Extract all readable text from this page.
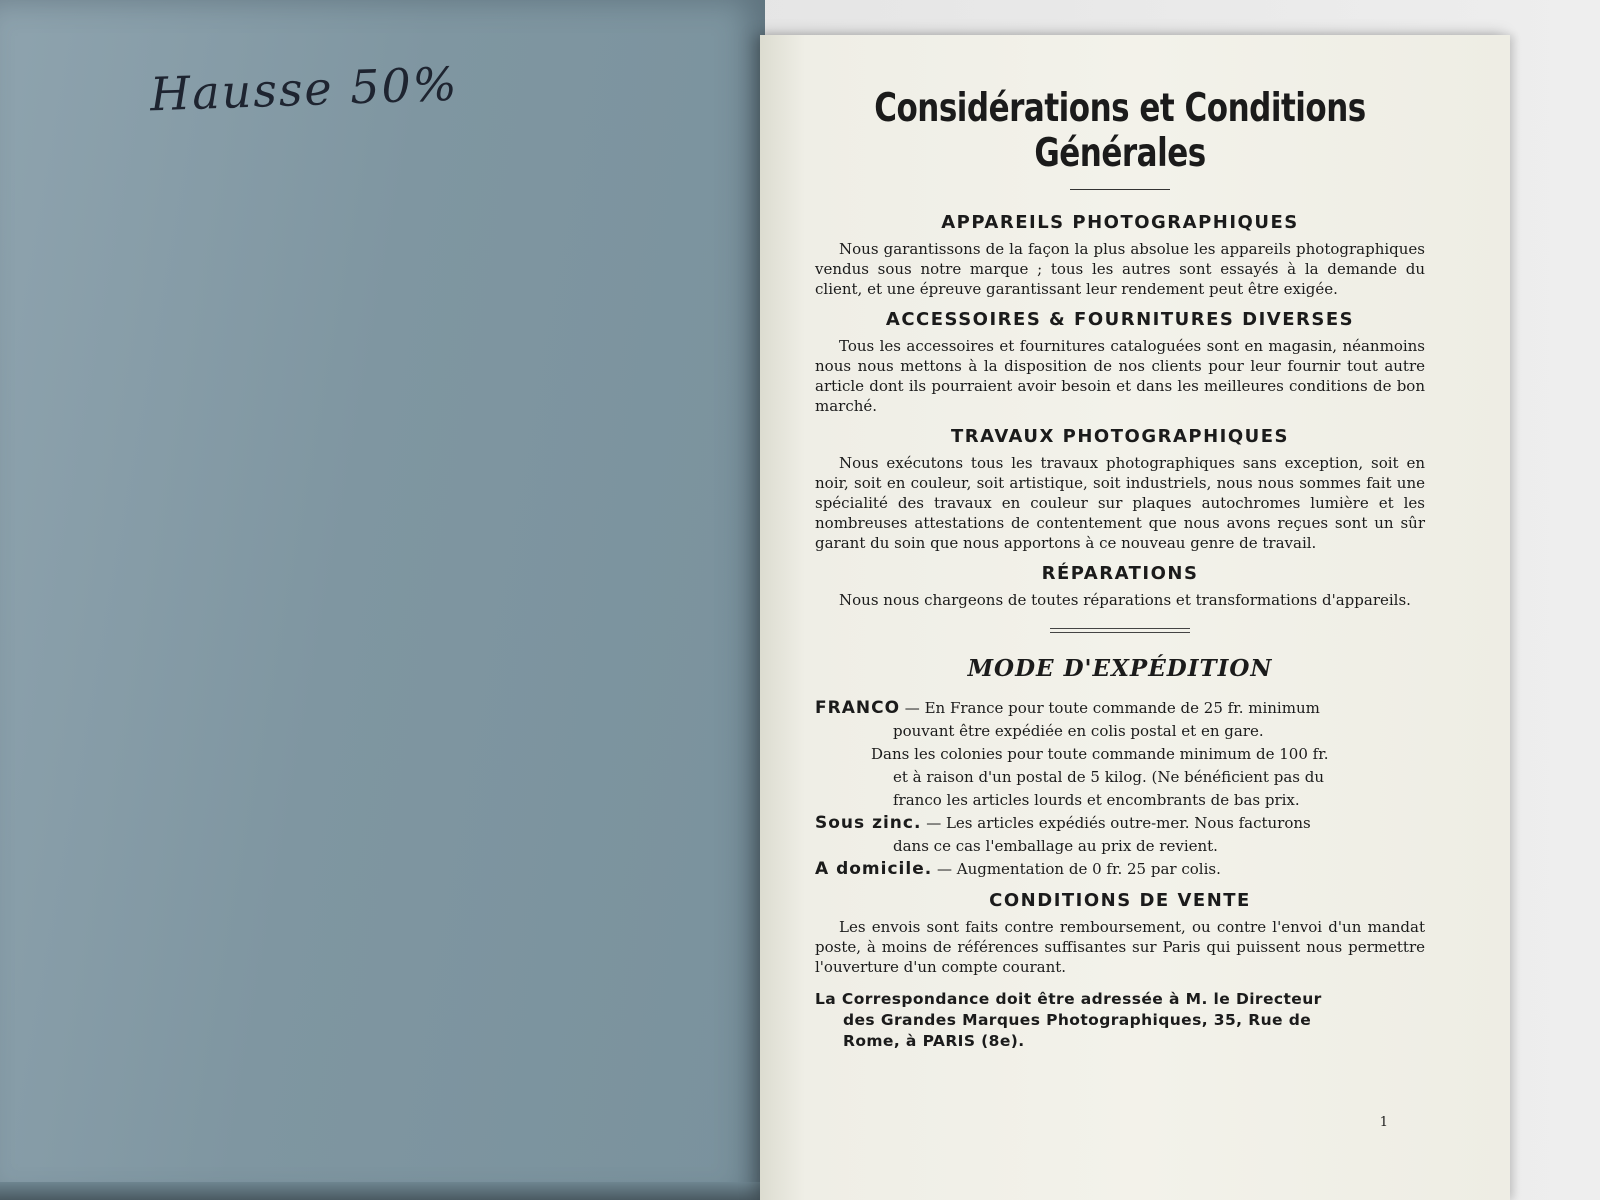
Hausse 50%	Considérations et Conditions Générales
APPAREILS PHOTOGRAPHIQUES

Nous garantissons de la façon la plus absolue les appareils photographiques vendus sous notre marque ; tous les autres sont essayés à la demande du client, et une épreuve garantissant leur rendement peut être exigée.

ACCESSOIRES & FOURNITURES DIVERSES

Tous les accessoires et fournitures cataloguées sont en magasin, néanmoins nous nous mettons à la disposition de nos clients pour leur fournir tout autre article dont ils pourraient avoir besoin et dans les meilleures conditions de bon marché.

TRAVAUX PHOTOGRAPHIQUES

Nous exécutons tous les travaux photographiques sans exception, soit en noir, soit en couleur, soit artistique, soit industriels, nous nous sommes fait une spécialité des travaux en couleur sur plaques autochromes lumière et les nombreuses attestations de contentement que nous avons reçues sont un sûr garant du soin que nous apportons à ce nouveau genre de travail.

RÉPARATIONS

Nous nous chargeons de toutes réparations et transformations d'appareils.

MODE D'EXPÉDITION
FRANCO — En France pour toute commande de 25 fr. minimum
pouvant être expédiée en colis postal et en gare.
Dans les colonies pour toute commande minimum de 100 fr.
et à raison d'un postal de 5 kilog. (Ne bénéficient pas du
franco les articles lourds et encombrants de bas prix.
Sous zinc. — Les articles expédiés outre-mer. Nous facturons
dans ce cas l'emballage au prix de revient.
A domicile. — Augmentation de 0 fr. 25 par colis.
CONDITIONS DE VENTE

Les envois sont faits contre remboursement, ou contre l'envoi d'un mandat poste, à moins de références suffisantes sur Paris qui puissent nous permettre l'ouverture d'un compte courant.

La Correspondance doit être adressée à M. le Directeur
des Grandes Marques Photographiques, 35, Rue de
Rome, à PARIS (8e).
1
